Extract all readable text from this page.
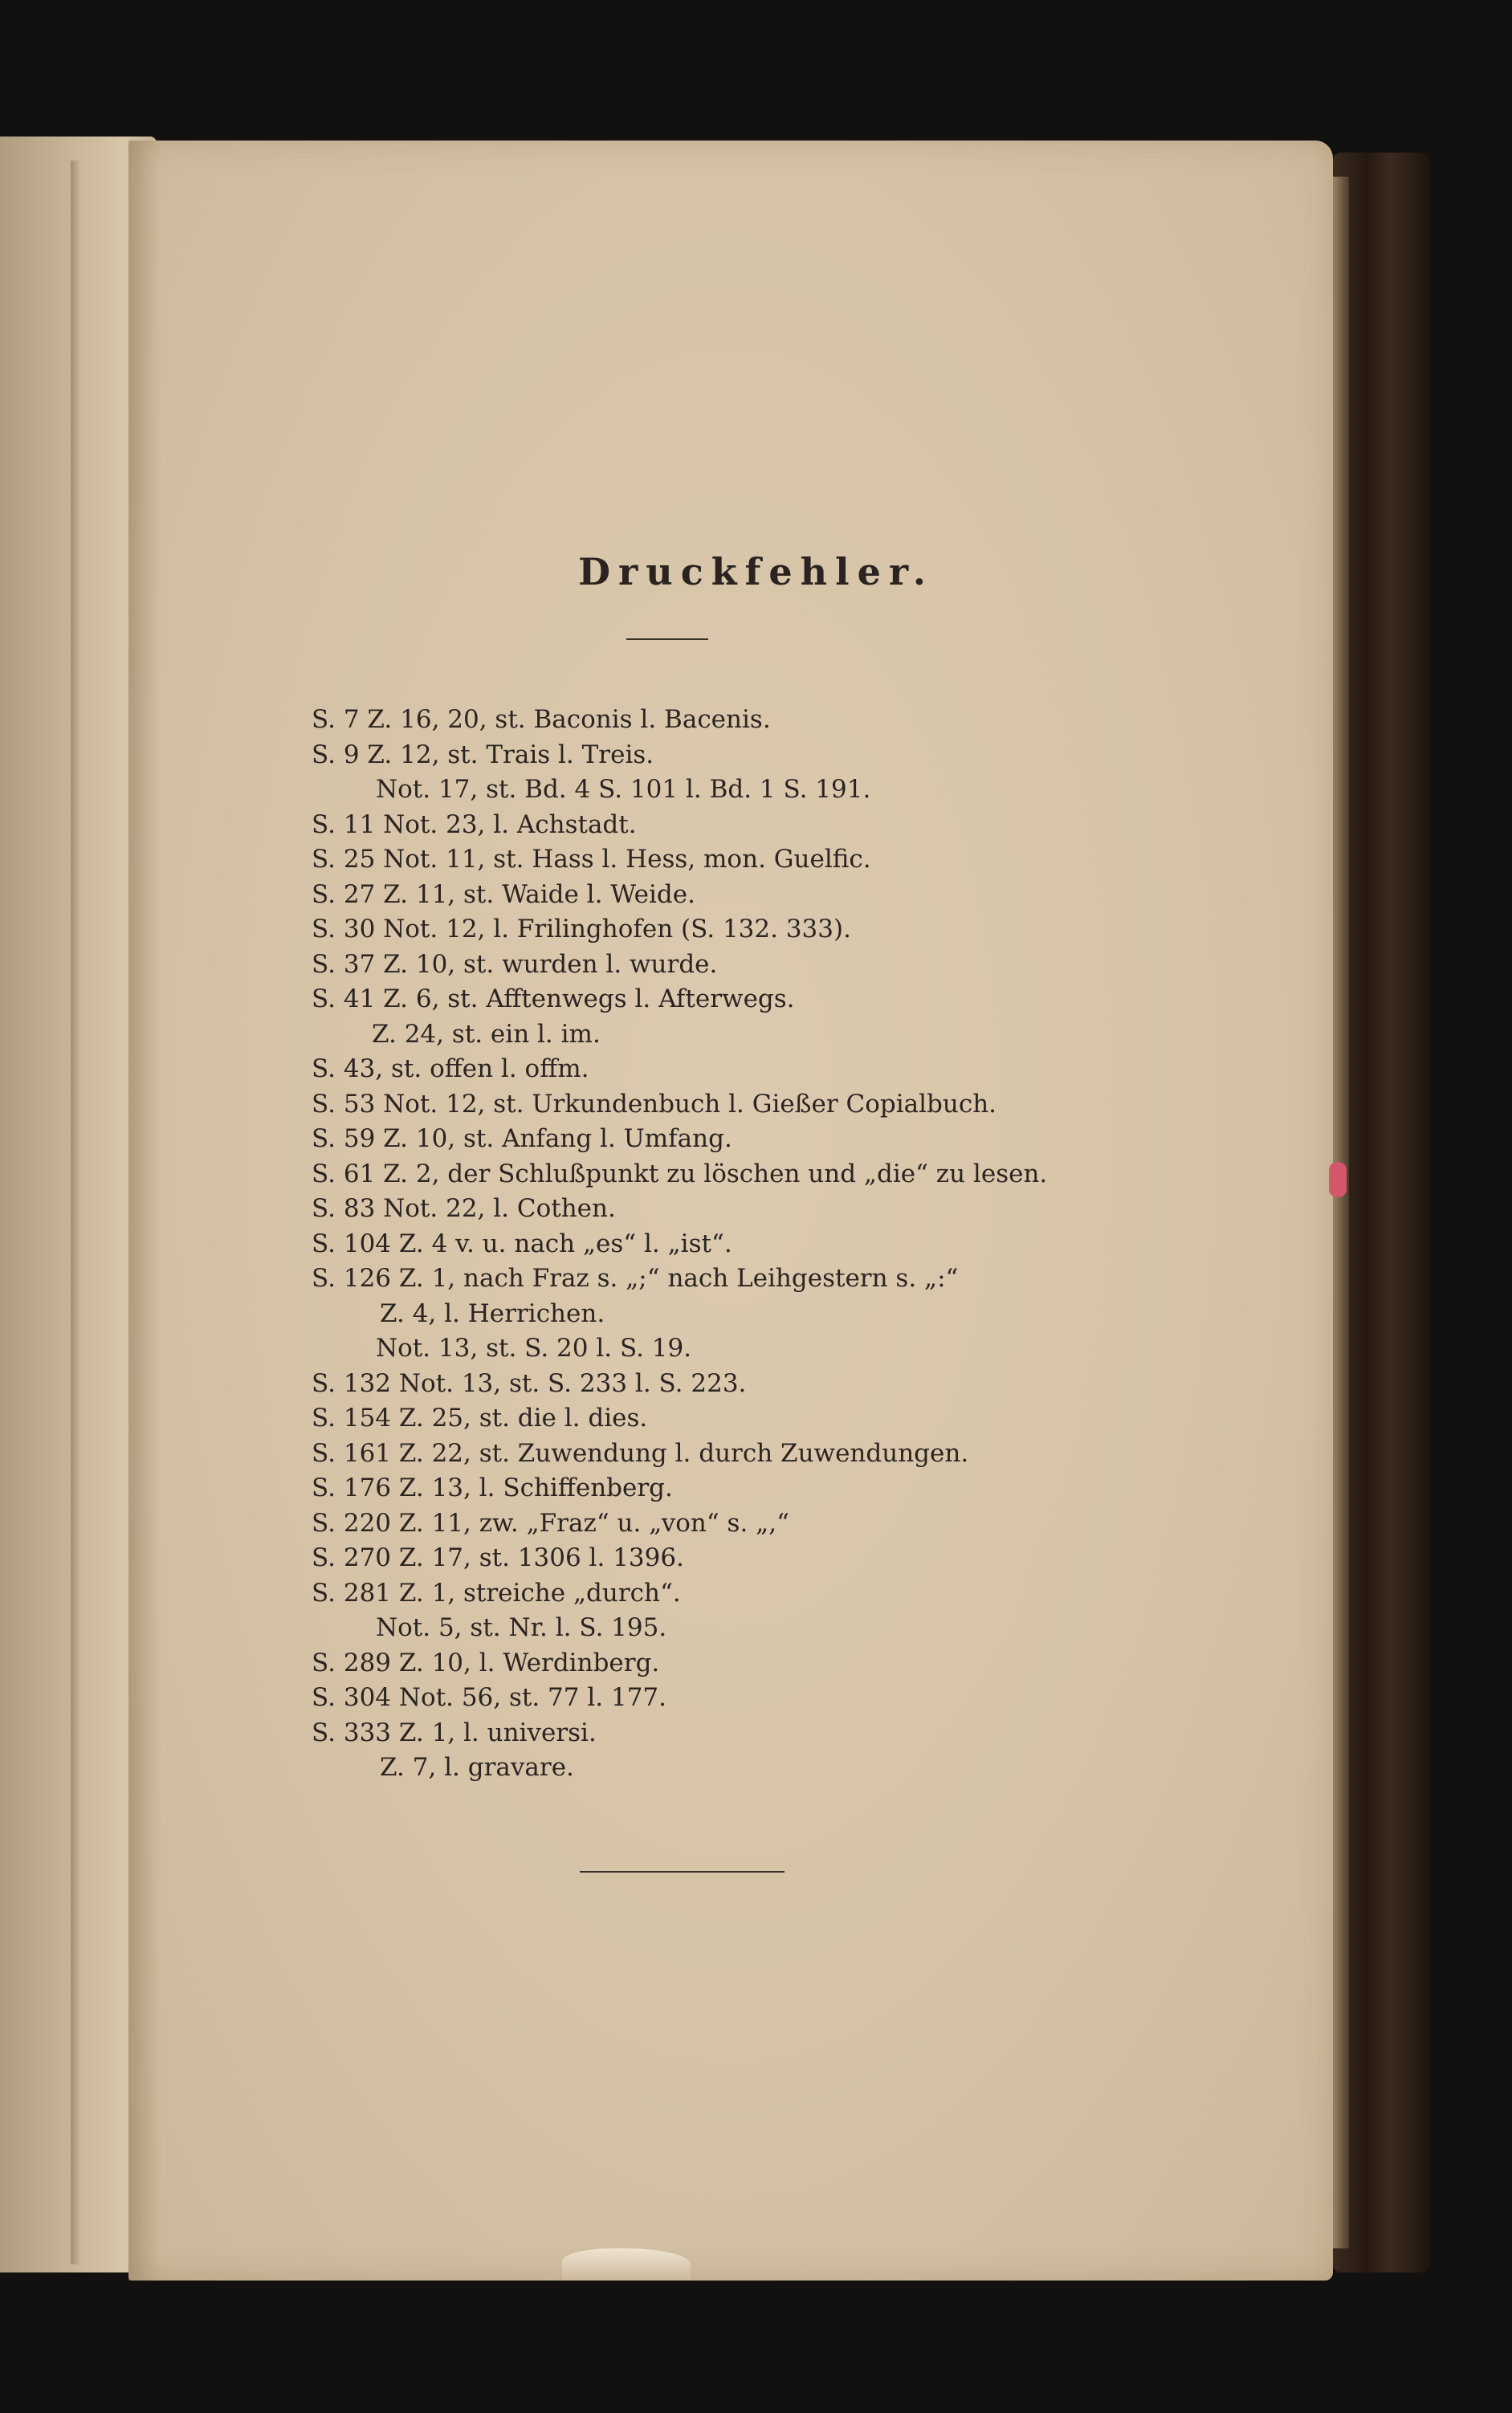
Druckfehler.
S. 7 Z. 16, 20, st. Baconis l. Bacenis.
S. 9 Z. 12, st. Trais l. Treis.
Not. 17, st. Bd. 4 S. 101 l. Bd. 1 S. 191.
S. 11 Not. 23, l. Achstadt.
S. 25 Not. 11, st. Hass l. Hess, mon. Guelfic.
S. 27 Z. 11, st. Waide l. Weide.
S. 30 Not. 12, l. Frilinghofen (S. 132. 333).
S. 37 Z. 10, st. wurden l. wurde.
S. 41 Z. 6, st. Afftenwegs l. Afterwegs.
Z. 24, st. ein l. im.
S. 43, st. offen l. offm.
S. 53 Not. 12, st. Urkundenbuch l. Gießer Copialbuch.
S. 59 Z. 10, st. Anfang l. Umfang.
S. 61 Z. 2, der Schlußpunkt zu löschen und „die“ zu lesen.
S. 83 Not. 22, l. Cothen.
S. 104 Z. 4 v. u. nach „es“ l. „ist“.
S. 126 Z. 1, nach Fraz s. „;“ nach Leihgestern s. „:“
Z. 4, l. Herrichen.
Not. 13, st. S. 20 l. S. 19.
S. 132 Not. 13, st. S. 233 l. S. 223.
S. 154 Z. 25, st. die l. dies.
S. 161 Z. 22, st. Zuwendung l. durch Zuwendungen.
S. 176 Z. 13, l. Schiffenberg.
S. 220 Z. 11, zw. „Fraz“ u. „von“ s. „,“
S. 270 Z. 17, st. 1306 l. 1396.
S. 281 Z. 1, streiche „durch“.
Not. 5, st. Nr. l. S. 195.
S. 289 Z. 10, l. Werdinberg.
S. 304 Not. 56, st. 77 l. 177.
S. 333 Z. 1, l. universi.
Z. 7, l. gravare.
